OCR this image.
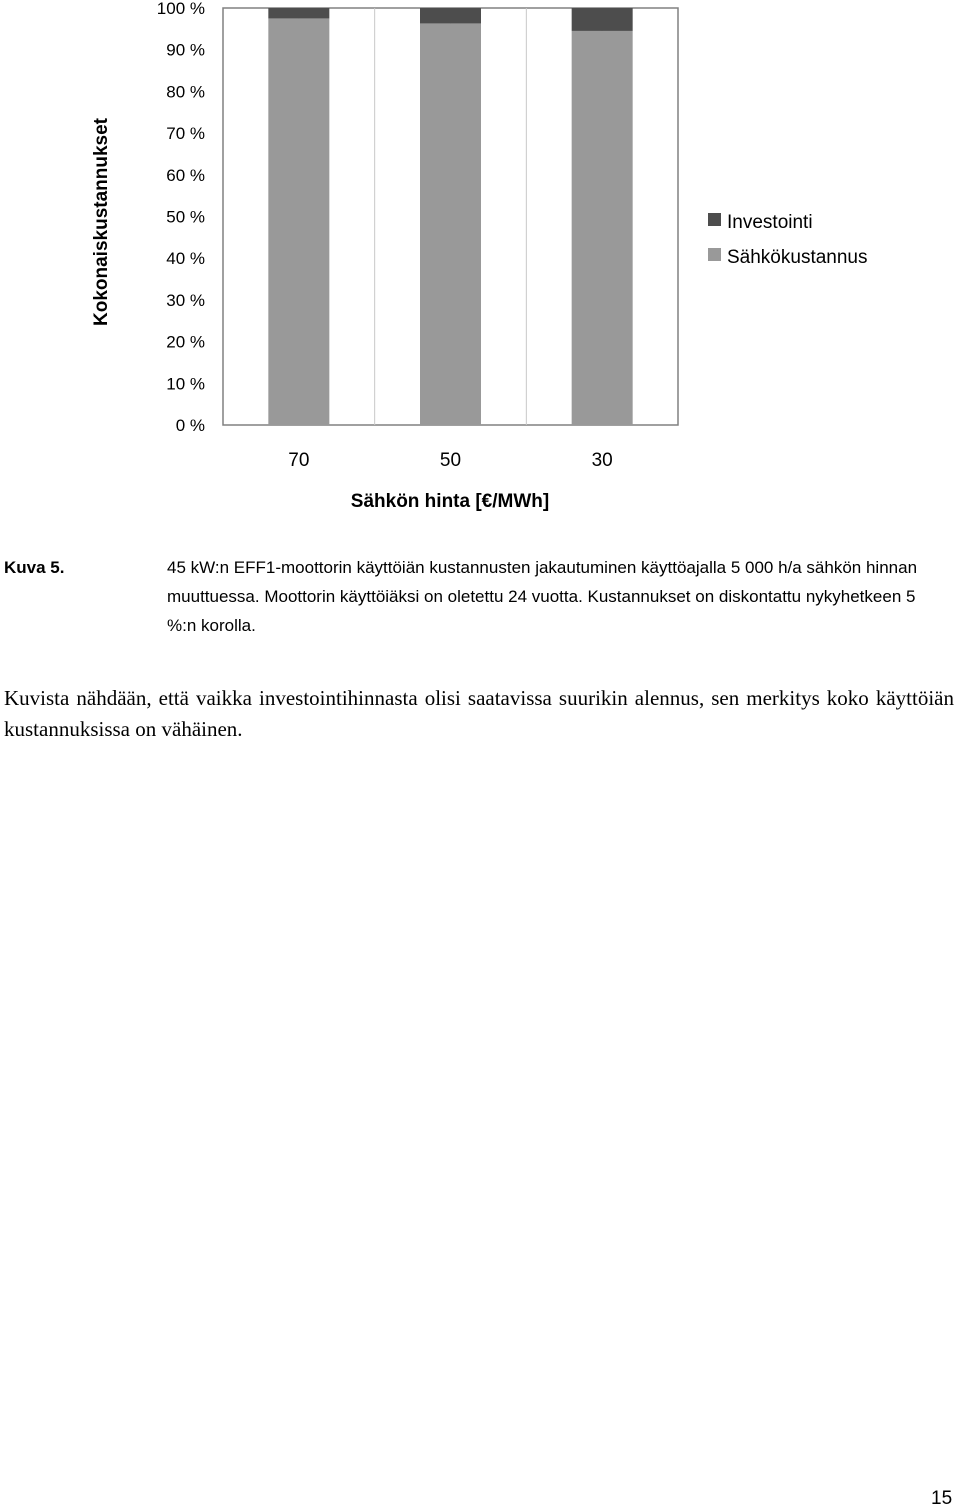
0 %
10 %
20 %
30 %
40 %
50 %
60 %
70 %
80 %
90 %
100 %
70	50	30
Kokonaiskustannukset
Sähkön hinta [€/MWh]
Investointi
Sähkökustannus
Kuva 5.	45 kW:n EFF1-moottorin käyttöiän kustannusten jakautuminen käyttöajalla 5 000 h/a sähkön hinnan muuttuessa. Moottorin käyttöiäksi on oletettu 24 vuotta. Kustannukset on diskontattu nykyhetkeen 5 %:n korolla.
Kuvista nähdään, että vaikka investointihinnasta olisi saatavissa suurikin alennus, sen merkitys koko käyttöiän kustannuksissa on vähäinen.
15
